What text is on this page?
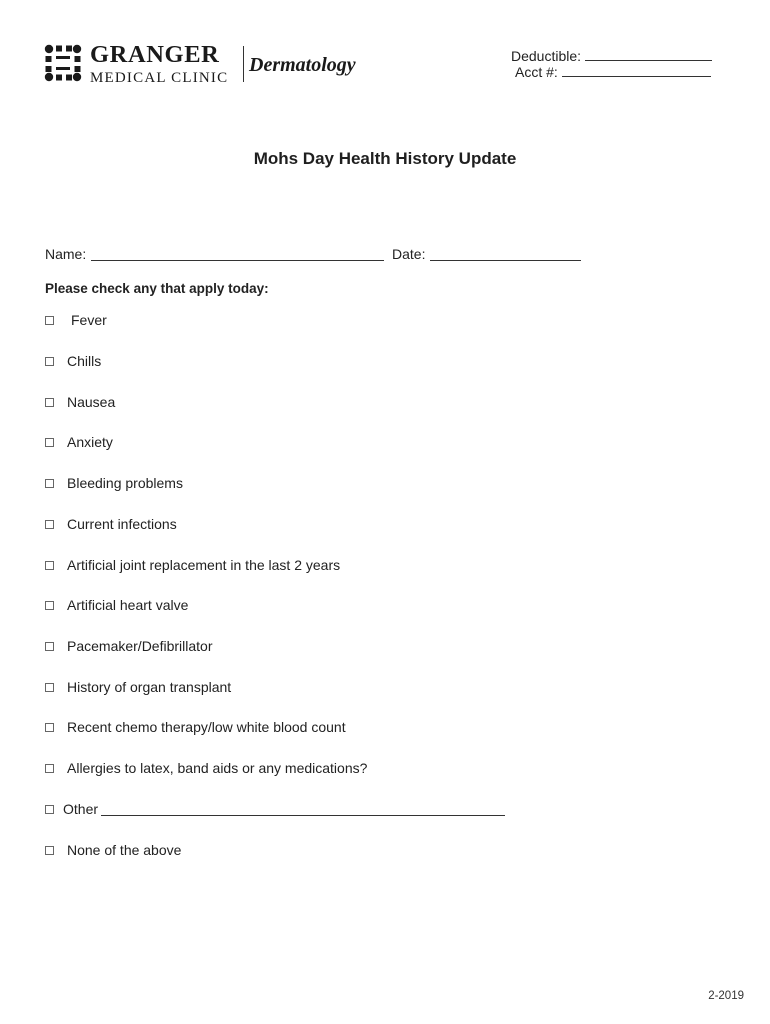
GRANGER
MEDICAL CLINIC
Dermatology	Deductible:
Acct #:
Mohs Day Health History Update
Name:	Date:
Please check any that apply today:
Fever
Chills
Nausea
Anxiety
Bleeding problems
Current infections
Artificial joint replacement in the last 2 years
Artificial heart valve
Pacemaker/Defibrillator
History of organ transplant
Recent chemo therapy/low white blood count
Allergies to latex, band aids or any medications?
Other
None of the above
2-2019
